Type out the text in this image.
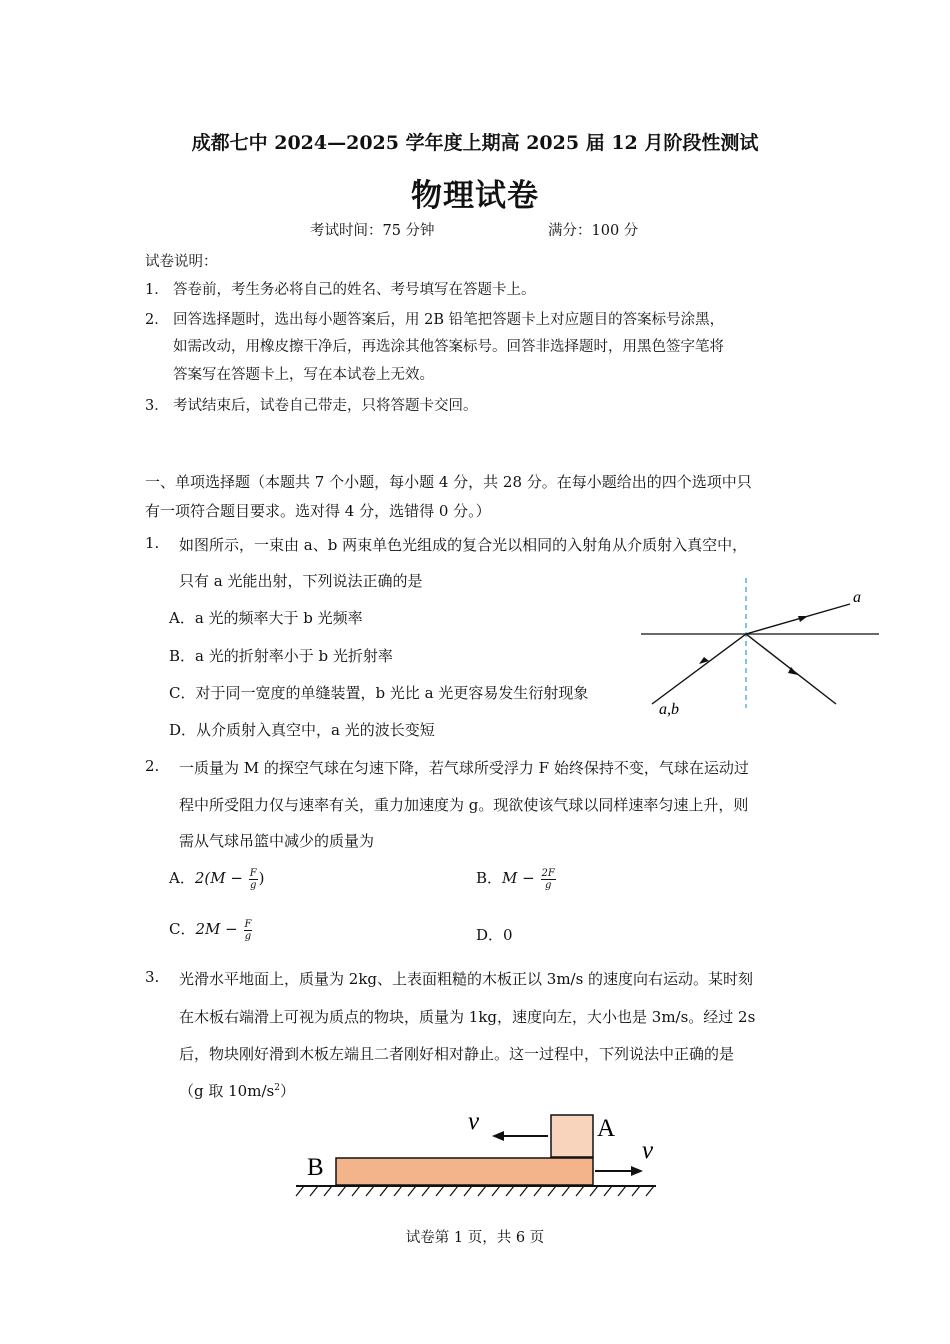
成都七中 2024—2025 学年度上期高 2025 届 12 月阶段性测试
物理试卷
考试时间：75 分钟	满分：100 分
试卷说明：
1． 答卷前，考生务必将自己的姓名、考号填写在答题卡上。
2． 回答选择题时，选出每小题答案后，用 2B 铅笔把答题卡上对应题目的答案标号涂黑，
如需改动，用橡皮擦干净后，再选涂其他答案标号。回答非选择题时，用黑色签字笔将
答案写在答题卡上，写在本试卷上无效。
3． 考试结束后，试卷自己带走，只将答题卡交回。
一、单项选择题（本题共 7 个小题，每小题 4 分，共 28 分。在每小题给出的四个选项中只
有一项符合题目要求。选对得 4 分，选错得 0 分。）
1. 如图所示，一束由 a、b 两束单色光组成的复合光以相同的入射角从介质射入真空中，
只有 a 光能出射，下列说法正确的是
A．a 光的频率大于 b 光频率
B．a 光的折射率小于 b 光折射率
C．对于同一宽度的单缝装置，b 光比 a 光更容易发生衍射现象
D．从介质射入真空中，a 光的波长变短
a
a,b
2. 一质量为 M 的探空气球在匀速下降，若气球所受浮力 F 始终保持不变，气球在运动过
程中所受阻力仅与速率有关，重力加速度为 g。现欲使该气球以同样速率匀速上升，则
需从气球吊篮中减少的质量为
A．$2(M - \frac{F}{g}$ )	B．$M - \frac{2F}{g}$
C．$2M - \frac{F}{g}$	D．0
3. 光滑水平地面上，质量为 2kg、上表面粗糙的木板正以 3m/s 的速度向右运动。某时刻
在木板右端滑上可视为质点的物块，质量为 1kg，速度向左，大小也是 3m/s。经过 2s
后，物块刚好滑到木板左端且二者刚好相对静止。这一过程中，下列说法中正确的是
（g 取 $10m/s^2$）
v	A
B
v
试卷第 1 页，共 6 页
